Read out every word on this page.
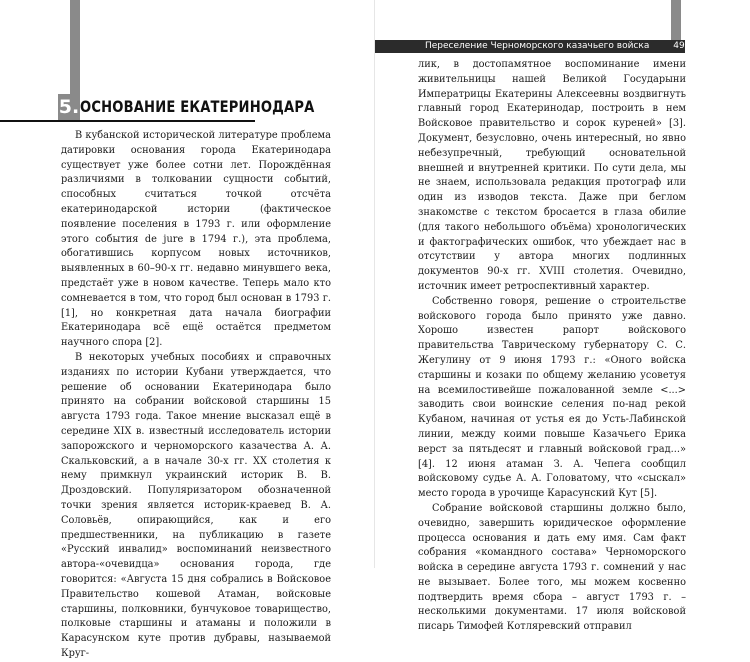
5. ОСНОВАНИЕ ЕКАТЕРИНОДАРА
Переселение Черноморского казачьего войска	49

В кубанской исторической литературе проблема датировки основания города Екатеринодара существует уже более сотни лет. Порождённая различиями в толковании сущности событий, способных считаться точкой отсчёта екатеринодарской истории (фактическое появление поселения в 1793 г. или оформление этого события de jure в 1794 г.), эта проблема, обогатившись корпусом новых источников, выявленных в 60–90-х гг. недавно минувшего века, предстаёт уже в новом качестве. Теперь мало кто сомневается в том, что город был основан в 1793 г. [1], но конкретная дата начала биографии Екатеринодара всё ещё остаётся предметом научного спора [2].

В некоторых учебных пособиях и справочных изданиях по истории Кубани утверждается, что решение об основании Екатеринодара было принято на собрании войсковой старшины 15 августа 1793 года. Такое мнение высказал ещё в середине XIX в. известный исследователь истории запорожского и черноморского казачества А. А. Скальковский, а в начале 30-х гг. XX столетия к нему примкнул украинский историк В. В. Дроздовский. Популяризатором обозначенной точки зрения является историк-краевед В. А. Соловьёв, опирающийся, как и его предшественники, на публикацию в газете «Русский инвалид» воспоминаний неизвестного автора-«очевидца» основания города, где говорится: «Августа 15 дня собрались в Войсковое Правительство кошевой Атаман, войсковые старшины, полковники, бунчуковое товарищество, полковые старшины и атаманы и положили в Карасунском куте против дубравы, называемой Круг-

лик, в достопамятное воспоминание имени живительницы нашей Великой Государыни Императрицы Екатерины Алексеевны воздвигнуть главный город Екатеринодар, построить в нем Войсковое правительство и сорок куреней» [3]. Документ, безусловно, очень интересный, но явно небезупречный, требующий основательной внешней и внутренней критики. По сути дела, мы не знаем, использовала редакция протограф или один из изводов текста. Даже при беглом знакомстве с текстом бросается в глаза обилие (для такого небольшого объёма) хронологических и фактографических ошибок, что убеждает нас в отсутствии у автора многих подлинных документов 90-х гг. XVIII столетия. Очевидно, источник имеет ретроспективный характер.

Собственно говоря, решение о строительстве войскового города было принято уже давно. Хорошо известен рапорт войскового правительства Таврическому губернатору С. С. Жегулину от 9 июня 1793 г.: «Оного войска старшины и козаки по общему желанию усоветуя на всемилостивейше пожалованной земле <...> заводить свои воинские селения по-над рекой Кубаном, начиная от устья ея до Усть-Лабинской линии, между коими повыше Казачьего Ерика верст за пятьдесят и главный войсковой град...» [4]. 12 июня атаман З. А. Чепега сообщил войсковому судье А. А. Головатому, что «сыскал» место города в урочище Карасунский Кут [5].

Собрание войсковой старшины должно было, очевидно, завершить юридическое оформление процесса основания и дать ему имя. Сам факт собрания «командного состава» Черноморского войска в середине августа 1793 г. сомнений у нас не вызывает. Более того, мы можем косвенно подтвердить время сбора – август 1793 г. – несколькими документами. 17 июля войсковой писарь Тимофей Котляревский отправил
